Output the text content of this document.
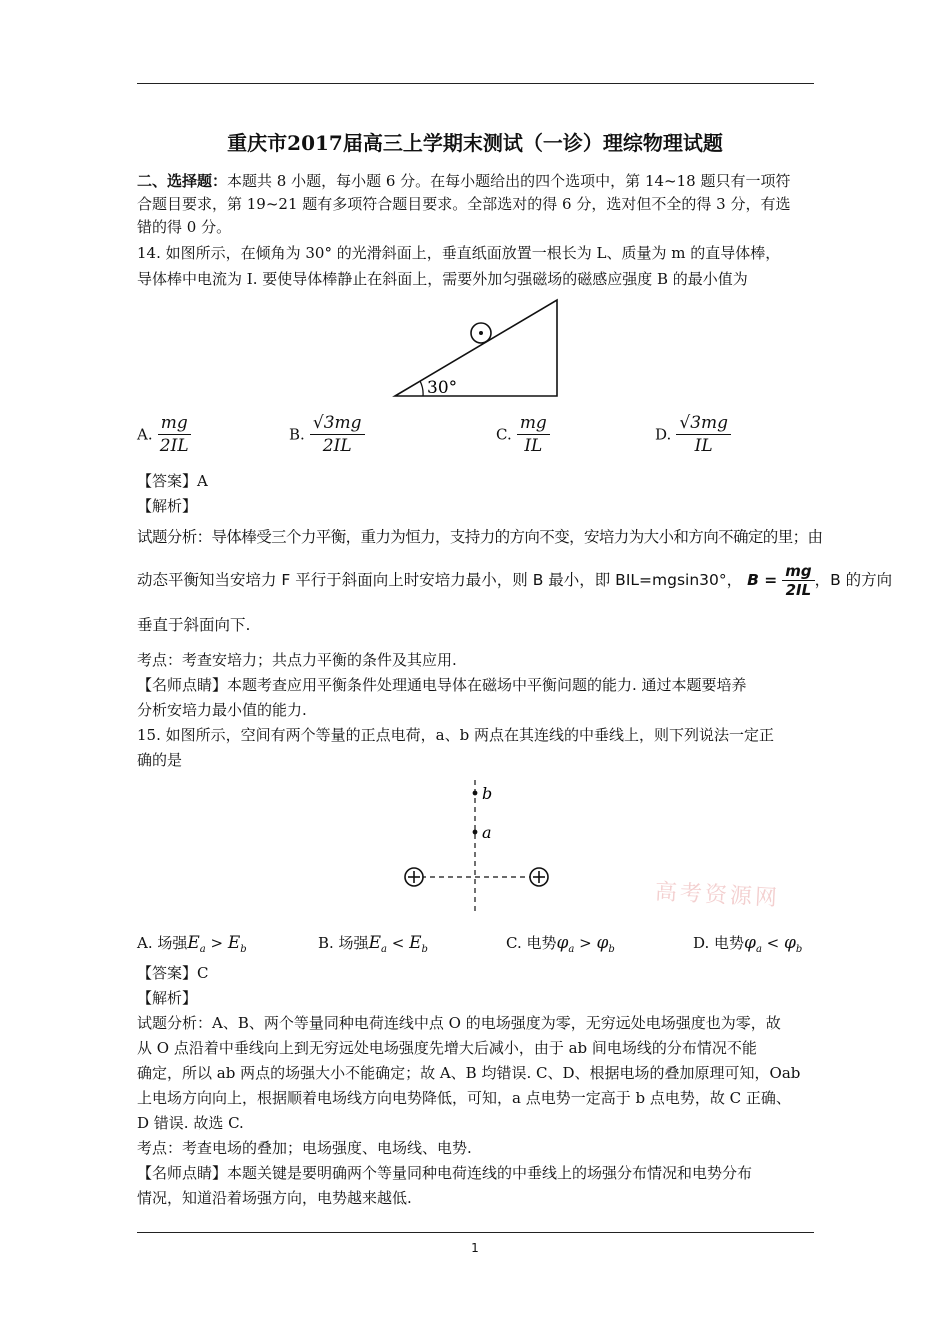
重庆市2017届高三上学期末测试（一诊）理综物理试题
二、选择题：本题共 8 小题，每小题 6 分。在每小题给出的四个选项中，第 14~18 题只有一项符
合题目要求，第 19~21 题有多项符合题目要求。全部选对的得 6 分，选对但不全的得 3 分，有选
错的得 0 分。
14. 如图所示，在倾角为 30° 的光滑斜面上，垂直纸面放置一根长为 L、质量为 m 的直导体棒，
导体棒中电流为 I. 要使导体棒静止在斜面上，需要外加匀强磁场的磁感应强度 B 的最小值为
30°
A. $\frac{mg}{2IL}$	B. $\frac{√3mg}{2IL}$	C. $\frac{mg}{IL}$	D. $\frac{√3mg}{IL}$
【答案】A
【解析】
试题分析：导体棒受三个力平衡，重力为恒力，支持力的方向不变，安培力为大小和方向不确定的里；由
动态平衡知当安培力 F 平行于斜面向上时安培力最小，则 B 最小，即 BIL=mgsin30°， $B = \frac{mg}{2IL}$ ，B 的方向
垂直于斜面向下.
考点：考查安培力；共点力平衡的条件及其应用.
【名师点睛】本题考查应用平衡条件处理通电导体在磁场中平衡问题的能力. 通过本题要培养
分析安培力最小值的能力.
15. 如图所示，空间有两个等量的正点电荷，a、b 两点在其连线的中垂线上，则下列说法一定正
确的是
b
a
高考资源网
A. 场强$E_a > E_b$	B. 场强$E_a < E_b$	C. 电势$\varphi_a > \varphi_b$	D. 电势$\varphi_a < \varphi_b$
【答案】C
【解析】
试题分析：A、B、两个等量同种电荷连线中点 O 的电场强度为零，无穷远处电场强度也为零，故
从 O 点沿着中垂线向上到无穷远处电场强度先增大后减小，由于 ab 间电场线的分布情况不能
确定，所以 ab 两点的场强大小不能确定；故 A、B 均错误. C、D、根据电场的叠加原理可知，Oab
上电场方向向上，根据顺着电场线方向电势降低，可知，a 点电势一定高于 b 点电势，故 C 正确、
D 错误. 故选 C.
考点：考查电场的叠加；电场强度、电场线、电势.
【名师点睛】本题关键是要明确两个等量同种电荷连线的中垂线上的场强分布情况和电势分布
情况，知道沿着场强方向，电势越来越低.
1
